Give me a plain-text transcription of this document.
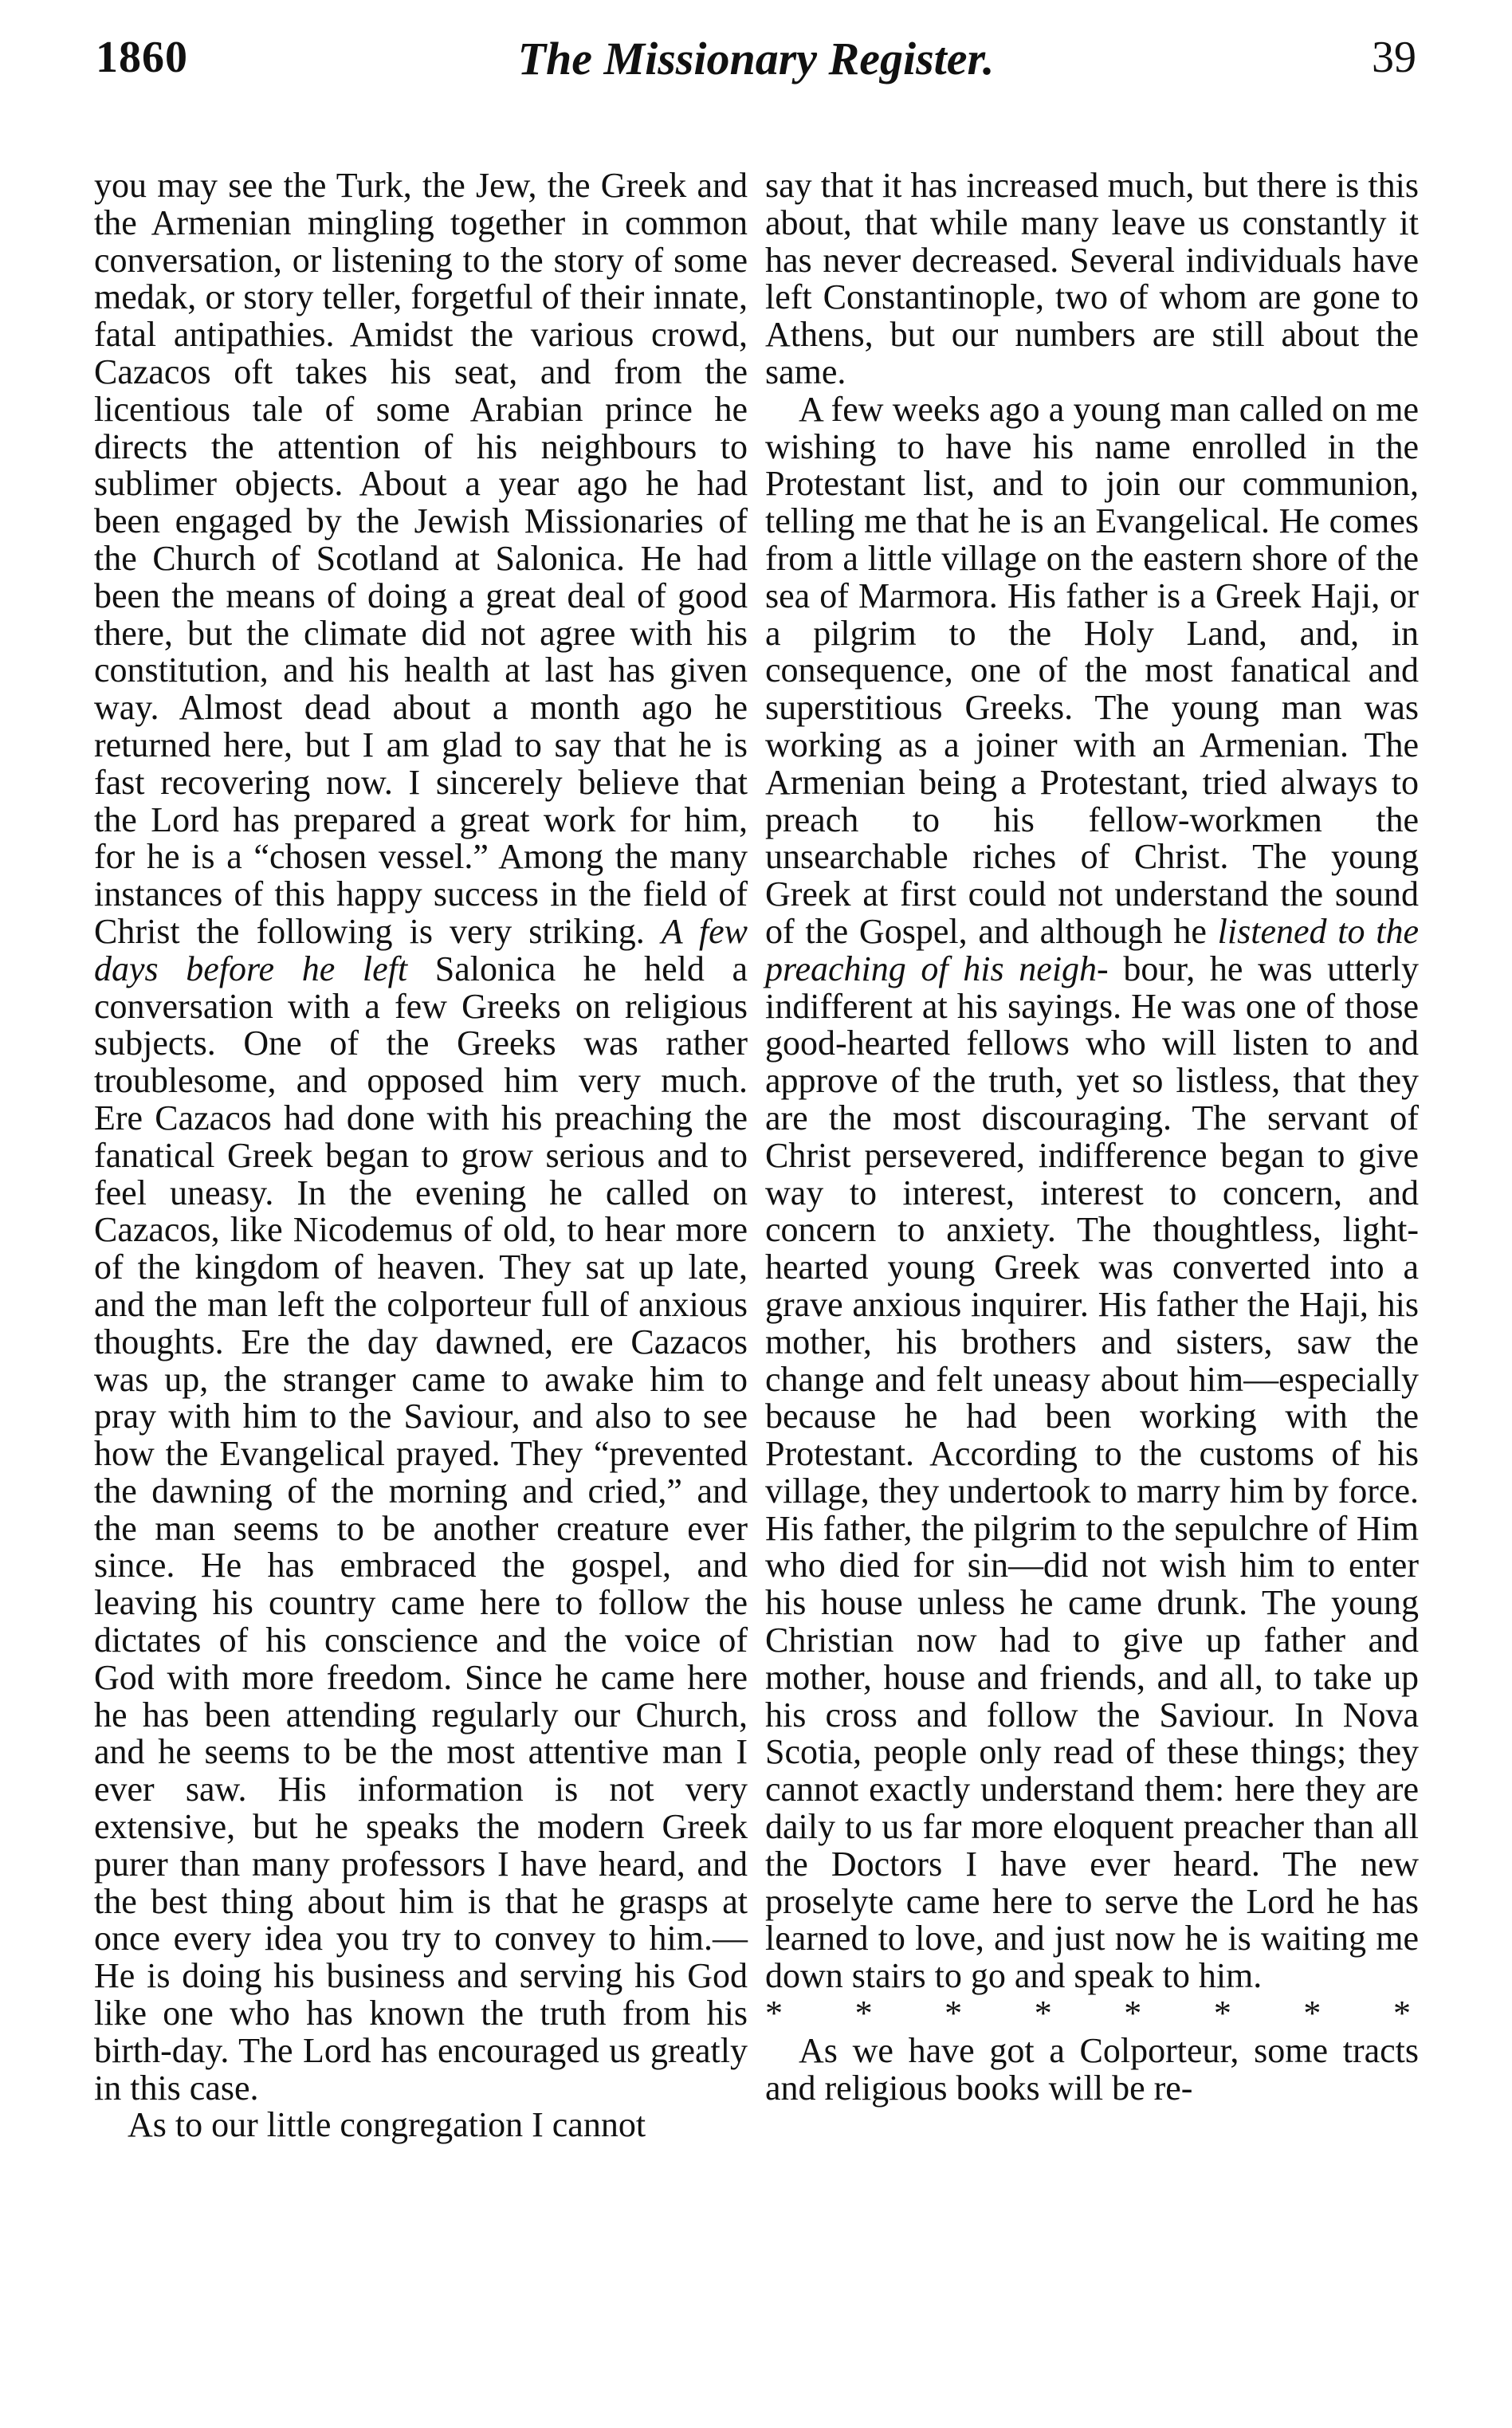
1860	The Missionary Register.	39

you may see the Turk, the Jew, the Greek and the Armenian mingling together in common conversation, or listening to the story of some medak, or story teller, forgetful of their innate, fatal antipathies. Amidst the various crowd, Cazacos oft takes his seat, and from the licentious tale of some Arabian prince he directs the attention of his neighbours to sublimer objects. About a year ago he had been engaged by the Jewish Missionaries of the Church of Scotland at Salonica. He had been the means of doing a great deal of good there, but the climate did not agree with his constitution, and his health at last has given way. Almost dead about a month ago he returned here, but I am glad to say that he is fast recovering now. I sincerely believe that the Lord has prepared a great work for him, for he is a “chosen vessel.” Among the many instances of this happy success in the field of Christ the following is very striking. A few days before he left Salonica he held a conversation with a few Greeks on religious subjects. One of the Greeks was rather troublesome, and opposed him very much. Ere Cazacos had done with his preaching the fanatical Greek began to grow serious and to feel uneasy. In the evening he called on Cazacos, like Nicodemus of old, to hear more of the kingdom of heaven. They sat up late, and the man left the colporteur full of anxious thoughts. Ere the day dawned, ere Cazacos was up, the stranger came to awake him to pray with him to the Saviour, and also to see how the Evangelical prayed. They “prevented the dawning of the morning and cried,” and the man seems to be another creature ever since. He has embraced the gospel, and leaving his country came here to follow the dictates of his conscience and the voice of God with more freedom. Since he came here he has been attending regularly our Church, and he seems to be the most attentive man I ever saw. His information is not very extensive, but he speaks the modern Greek purer than many professors I have heard, and the best thing about him is that he grasps at once every idea you try to convey to him.— He is doing his business and serving his God like one who has known the truth from his birth-day. The Lord has encouraged us greatly in this case.

As to our little congregation I cannot

say that it has increased much, but there is this about, that while many leave us constantly it has never decreased. Several individuals have left Constantinople, two of whom are gone to Athens, but our numbers are still about the same.

A few weeks ago a young man called on me wishing to have his name enrolled in the Protestant list, and to join our communion, telling me that he is an Evangelical. He comes from a little village on the eastern shore of the sea of Marmora. His father is a Greek Haji, or a pilgrim to the Holy Land, and, in consequence, one of the most fanatical and superstitious Greeks. The young man was working as a joiner with an Armenian. The Armenian being a Protestant, tried always to preach to his fellow-workmen the unsearchable riches of Christ. The young Greek at first could not understand the sound of the Gospel, and although he listened to the preaching of his neigh- bour, he was utterly indifferent at his sayings. He was one of those good-hearted fellows who will listen to and approve of the truth, yet so listless, that they are the most discouraging. The servant of Christ persevered, indifference began to give way to interest, interest to concern, and concern to anxiety. The thoughtless, light-hearted young Greek was converted into a grave anxious inquirer. His father the Haji, his mother, his brothers and sisters, saw the change and felt uneasy about him—especially because he had been working with the Protestant. According to the customs of his village, they undertook to marry him by force. His father, the pilgrim to the sepulchre of Him who died for sin—did not wish him to enter his house unless he came drunk. The young Christian now had to give up father and mother, house and friends, and all, to take up his cross and follow the Saviour. In Nova Scotia, people only read of these things; they cannot exactly understand them: here they are daily to us far more eloquent preacher than all the Doctors I have ever heard. The new proselyte came here to serve the Lord he has learned to love, and just now he is waiting me down stairs to go and speak to him.

* * * * * * * *

As we have got a Colporteur, some tracts and religious books will be re-
